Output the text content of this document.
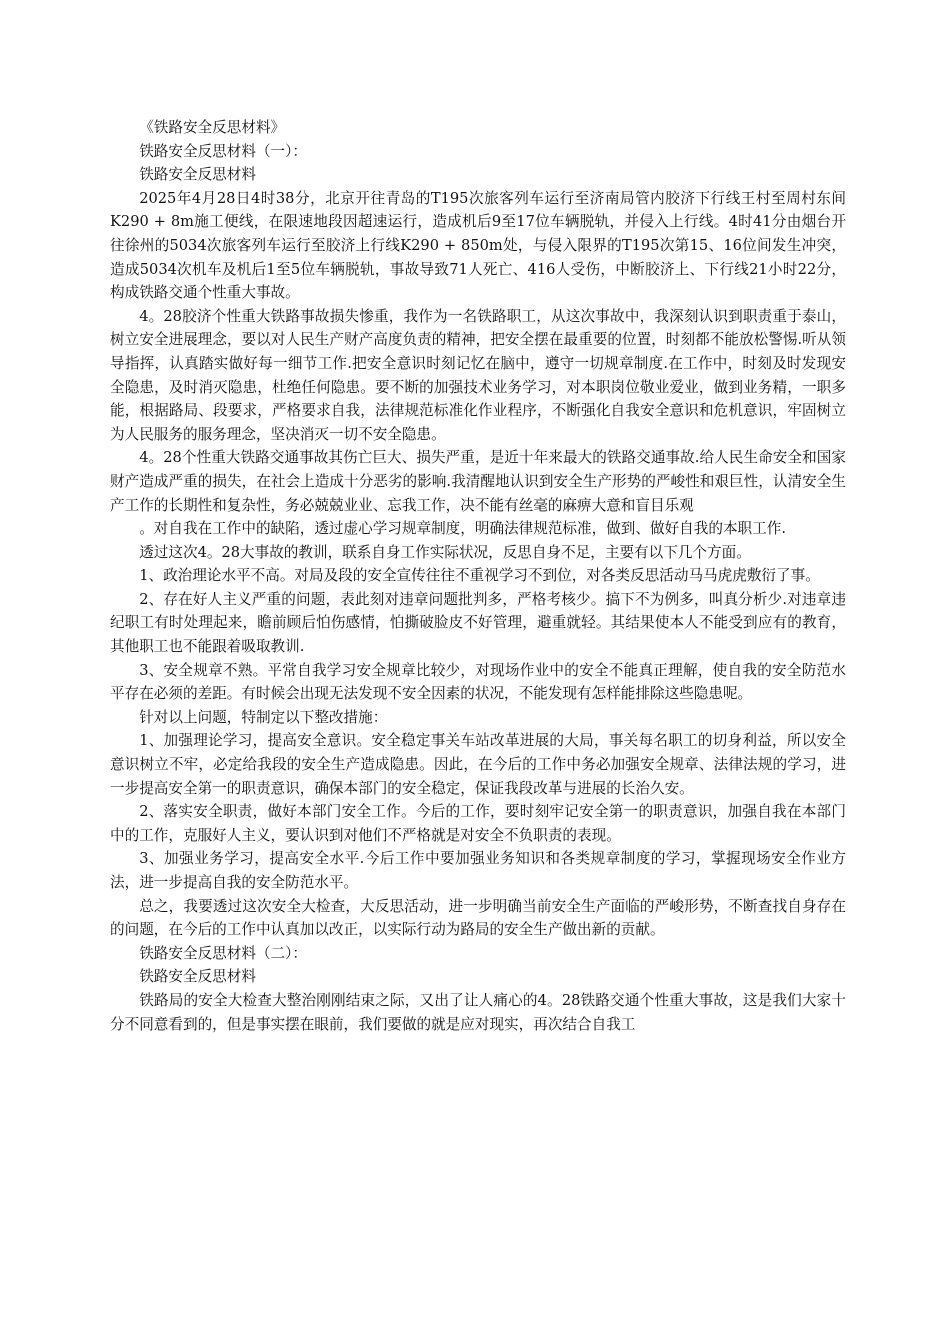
《铁路安全反思材料》

铁路安全反思材料（一）：

铁路安全反思材料

2025年4月28日4时38分，北京开往青岛的T195次旅客列车运行至济南局管内胶济下行线王村至周村东间K290 + 8m施工便线，在限速地段因超速运行，造成机后9至17位车辆脱轨，并侵入上行线。4时41分由烟台开往徐州的5034次旅客列车运行至胶济上行线K290 + 850m处，与侵入限界的T195次第15、16位间发生冲突，造成5034次机车及机后1至5位车辆脱轨，事故导致71人死亡、416人受伤，中断胶济上、下行线21小时22分，构成铁路交通个性重大事故。

4。28胶济个性重大铁路事故损失惨重，我作为一名铁路职工，从这次事故中，我深刻认识到职责重于泰山，树立安全进展理念，要以对人民生产财产高度负责的精神，把安全摆在最重要的位置，时刻都不能放松警惕.听从领导指挥，认真踏实做好每一细节工作.把安全意识时刻记忆在脑中，遵守一切规章制度.在工作中，时刻及时发现安全隐患，及时消灭隐患，杜绝任何隐患。要不断的加强技术业务学习，对本职岗位敬业爱业，做到业务精，一职多能，根据路局、段要求，严格要求自我，法律规范标准化作业程序，不断强化自我安全意识和危机意识，牢固树立为人民服务的服务理念，坚决消灭一切不安全隐患。

4。28个性重大铁路交通事故其伤亡巨大、损失严重，是近十年来最大的铁路交通事故.给人民生命安全和国家财产造成严重的损失，在社会上造成十分恶劣的影响.我清醒地认识到安全生产形势的严峻性和艰巨性，认清安全生产工作的长期性和复杂性，务必兢兢业业、忘我工作，决不能有丝毫的麻痹大意和盲目乐观

。对自我在工作中的缺陷，透过虚心学习规章制度，明确法律规范标准，做到、做好自我的本职工作.

透过这次4。28大事故的教训，联系自身工作实际状况，反思自身不足，主要有以下几个方面。

1、政治理论水平不高。对局及段的安全宣传往往不重视学习不到位，对各类反思活动马马虎虎敷衍了事。

2、存在好人主义严重的问题，表此刻对违章问题批判多，严格考核少。搞下不为例多，叫真分析少.对违章违纪职工有时处理起来，瞻前顾后怕伤感情，怕撕破脸皮不好管理，避重就轻。其结果使本人不能受到应有的教育，其他职工也不能跟着吸取教训.

3、安全规章不熟。平常自我学习安全规章比较少，对现场作业中的安全不能真正理解，使自我的安全防范水平存在必须的差距。有时候会出现无法发现不安全因素的状况，不能发现有怎样能排除这些隐患呢。

针对以上问题，特制定以下整改措施：

1、加强理论学习，提高安全意识。安全稳定事关车站改革进展的大局，事关每名职工的切身利益，所以安全意识树立不牢，必定给我段的安全生产造成隐患。因此，在今后的工作中务必加强安全规章、法律法规的学习，进一步提高安全第一的职责意识，确保本部门的安全稳定，保证我段改革与进展的长治久安。

2、落实安全职责，做好本部门安全工作。今后的工作，要时刻牢记安全第一的职责意识，加强自我在本部门中的工作，克服好人主义，要认识到对他们不严格就是对安全不负职责的表现。

3、加强业务学习，提高安全水平.今后工作中要加强业务知识和各类规章制度的学习，掌握现场安全作业方法，进一步提高自我的安全防范水平。

总之，我要透过这次安全大检查，大反思活动，进一步明确当前安全生产面临的严峻形势，不断查找自身存在的问题，在今后的工作中认真加以改正，以实际行动为路局的安全生产做出新的贡献。

铁路安全反思材料（二）：

铁路安全反思材料

铁路局的安全大检查大整治刚刚结束之际，又出了让人痛心的4。28铁路交通个性重大事故，这是我们大家十分不同意看到的，但是事实摆在眼前，我们要做的就是应对现实，再次结合自我工
